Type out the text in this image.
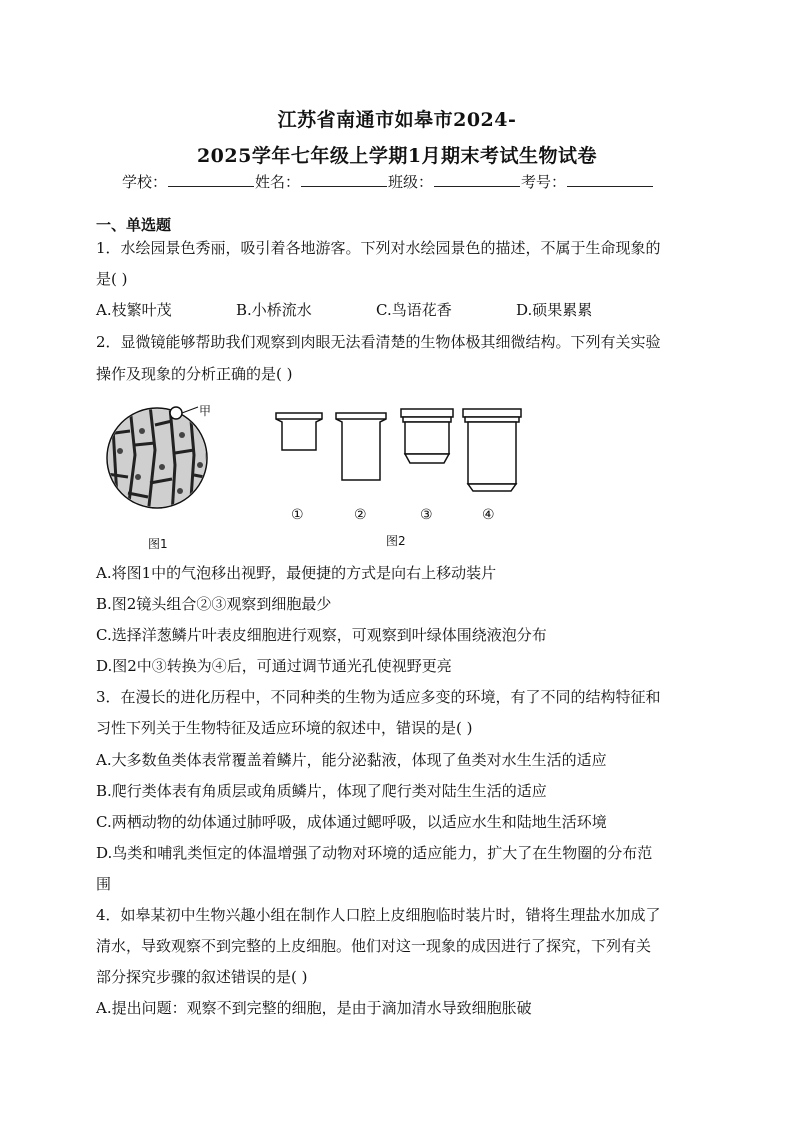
江苏省南通市如皋市2024-
2025学年七年级上学期1月期末考试生物试卷
学校：	姓名：	班级：	考号：
一、单选题
1．水绘园景色秀丽，吸引着各地游客。下列对水绘园景色的描述，不属于生命现象的
是( )
A.枝繁叶茂	B.小桥流水	C.鸟语花香	D.硕果累累
2．显微镜能够帮助我们观察到肉眼无法看清楚的生物体极其细微结构。下列有关实验
操作及现象的分析正确的是( )
甲
①	②	③	④
图1	图2
A.将图1中的气泡移出视野，最便捷的方式是向右上移动装片
B.图2镜头组合②③观察到细胞最少
C.选择洋葱鳞片叶表皮细胞进行观察，可观察到叶绿体围绕液泡分布
D.图2中③转换为④后，可通过调节通光孔使视野更亮
3．在漫长的进化历程中，不同种类的生物为适应多变的环境，有了不同的结构特征和
习性下列关于生物特征及适应环境的叙述中，错误的是( )
A.大多数鱼类体表常覆盖着鳞片，能分泌黏液，体现了鱼类对水生生活的适应
B.爬行类体表有角质层或角质鳞片，体现了爬行类对陆生生活的适应
C.两栖动物的幼体通过肺呼吸，成体通过鳃呼吸，以适应水生和陆地生活环境
D.鸟类和哺乳类恒定的体温增强了动物对环境的适应能力，扩大了在生物圈的分布范
围
4．如皋某初中生物兴趣小组在制作人口腔上皮细胞临时装片时，错将生理盐水加成了
清水，导致观察不到完整的上皮细胞。他们对这一现象的成因进行了探究，下列有关
部分探究步骤的叙述错误的是( )
A.提出问题：观察不到完整的细胞，是由于滴加清水导致细胞胀破
